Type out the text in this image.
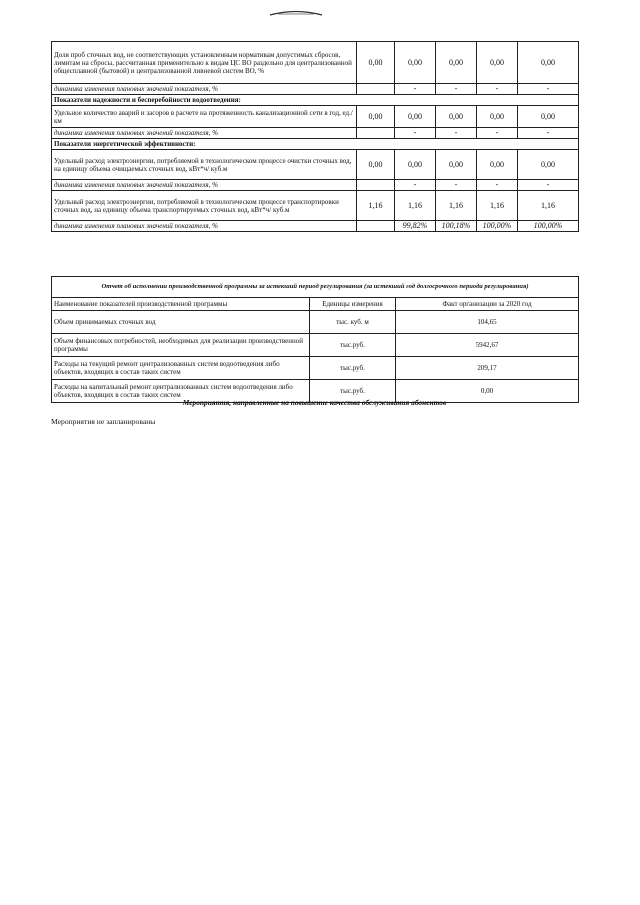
Доля проб сточных вод, не соответствующих установленным нормативам допустимых сбросов, лимитам на сбросы, рассчитанная применительно к видам ЦС ВО раздельно для централизованной общесплавной (бытовой) и централизованной ливневой систем ВО, %	0,00	0,00	0,00	0,00	0,00
динамика изменения плановых значений показателя, %		-	-	-	-
Показатели надежности и бесперебойности водоотведения:					
Удельное количество аварий и засоров в расчете на протяженность канализационной сети в год, ед./км	0,00	0,00	0,00	0,00	0,00
динамика изменения плановых значений показателя, %		-	-	-	-
Показатели энергетической эффективности:					
Удельный расход электроэнергии, потребляемой в технологическом процессе очистки сточных вод, на единицу объема очищаемых сточных вод, кВт*ч/ куб.м	0,00	0,00	0,00	0,00	0,00
динамика изменения плановых значений показателя, %		-	-	-	-
Удельный расход электроэнергии, потребляемой в технологическом процессе транспортировки сточных вод, на единицу объема транспортируемых сточных вод, кВт*ч/ куб.м	1,16	1,16	1,16	1,16	1,16
динамика изменения плановых значений показателя, %		99,82%	100,18%	100,00%	100,00%
Отчет об исполнении производственной программы за истекший период регулирования (за истекший год долгосрочного периода регулирования)		
Наименование показателей производственной программы	Единицы измерения	Факт организации за 2020 год
Объем принимаемых сточных вод	тыс. куб. м	104,65
Объем финансовых потребностей, необходимых для реализации производственной программы	тыс.руб.	5942,67
Расходы на текущий ремонт централизованных систем водоотведения либо объектов, входящих в состав таких систем	тыс.руб.	209,17
Расходы на капитальный ремонт централизованных систем водоотведения либо объектов, входящих в состав таких систем	тыс.руб.	0,00
Мероприятия, направленные на повышение качества обслуживания абонентов
Мероприятия не запланированы
